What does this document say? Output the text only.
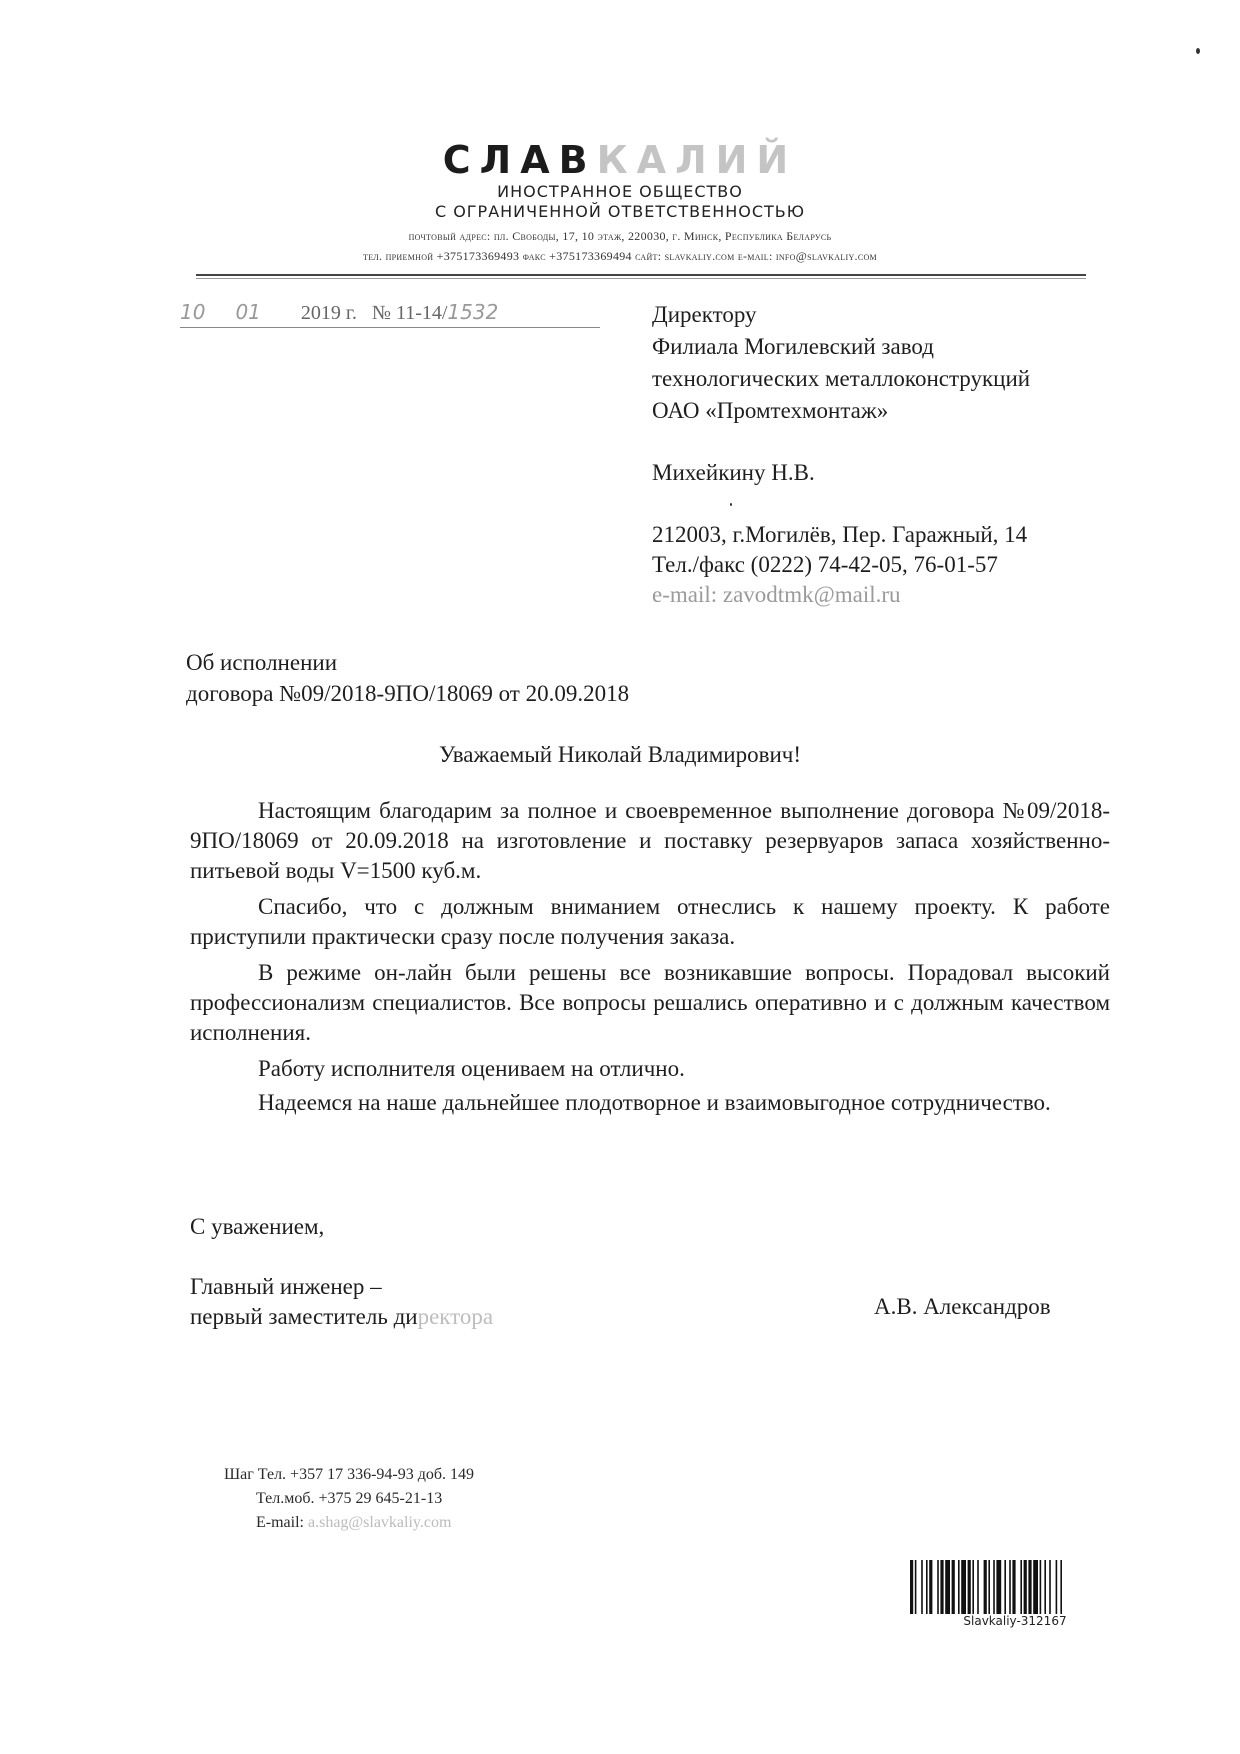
СЛАВКАЛИЙ
ИНОСТРАННОЕ ОБЩЕСТВО
С ОГРАНИЧЕННОЙ ОТВЕТСТВЕННОСТЬЮ
почтовый адрес: пл. Свободы, 17, 10 этаж, 220030, г. Минск, Республика Беларусь
тел. приемной +375173369493 факс +375173369494 сайт: slavkaliy.com e-mail: info@slavkaliy.com
10 01 2019 г. № 11-14/1532	Директору
Филиала Могилевский завод
технологических металлоконструкций
ОАО «Промтехмонтаж»
Михейкину Н.В.
212003, г.Могилёв, Пер. Гаражный, 14
Тел./факс (0222) 74-42-05, 76-01-57
e-mail: zavodtmk@mail.ru
Об исполнении
договора №09/2018-9ПО/18069 от 20.09.2018
Уважаемый Николай Владимирович!
Настоящим благодарим за полное и своевременное выполнение договора №09/2018-9ПО/18069 от 20.09.2018 на изготовление и поставку резервуаров запаса хозяйственно-питьевой воды V=1500 куб.м.
Спасибо, что с должным вниманием отнеслись к нашему проекту. К работе приступили практически сразу после получения заказа.
В режиме он-лайн были решены все возникавшие вопросы. Порадовал высокий профессионализм специалистов. Все вопросы решались оперативно и с должным качеством исполнения.
Работу исполнителя оцениваем на отлично.
Надеемся на наше дальнейшее плодотворное и взаимовыгодное сотрудничество.
С уважением,
Главный инженер –
первый заместитель директора	А.В. Александров
Шаг Тел. +357 17 336-94-93 доб. 149
Тел.моб. +375 29 645-21-13
E-mail: a.shag@slavkaliy.com
Slavkaliy-312167
